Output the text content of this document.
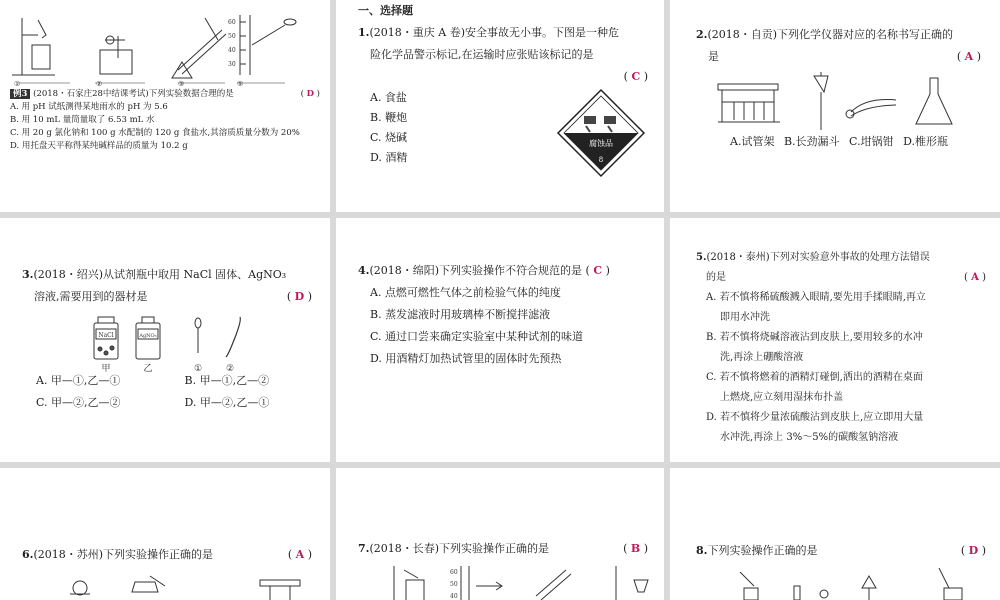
60
50
40
30
①	②	③	⑤
例3 (2018・石家庄28中结课考试)下列实验数据合理的是	( D )
A. 用 pH 试纸测得某地雨水的 pH 为 5.6
B. 用 10 mL 量筒量取了 6.53 mL 水
C. 用 20 g 氯化钠和 100 g 水配制的 120 g 食盐水,其溶质质量分数为 20%
D. 用托盘天平称得某纯碱样品的质量为 10.2 g
一、选择题
1.(2018・重庆 A 卷)安全事故无小事。下图是一种危
险化学品警示标记,在运输时应张贴该标记的是
( C )
A. 食盐
B. 鞭炮
C. 烧碱
D. 酒精
腐蚀品
8
2.(2018・自贡)下列化学仪器对应的名称书写正确的
是	( A )
A.试管架 B.长劲漏斗 C.坩锅钳 D.椎形瓶
3.(2018・绍兴)从试剂瓶中取用 NaCl 固体、AgNO₃
溶液,需要用到的器材是	( D )
NaCl	AgNO₃
甲	乙	①	②
A. 甲—①,乙—①	B. 甲—①,乙—②
C. 甲—②,乙—②	D. 甲—②,乙—①
4.(2018・绵阳)下列实验操作不符合规范的是 ( C )
A. 点燃可燃性气体之前检验气体的纯度
B. 蒸发滤液时用玻璃棒不断搅拌滤液
C. 通过口尝来确定实验室中某种试剂的味道
D. 用酒精灯加热试管里的固体时先预热
5.(2018・泰州)下列对实验意外事故的处理方法错误
的是	( A )
A. 若不慎将稀硫酸溅入眼睛,要先用手揉眼睛,再立
即用水冲洗
B. 若不慎将烧碱溶液沾到皮肤上,要用较多的水冲
洗,再涂上硼酸溶液
C. 若不慎将燃着的酒精灯碰倒,洒出的酒精在桌面
上燃烧,应立刻用湿抹布扑盖
D. 若不慎将少量浓硫酸沾到皮肤上,应立即用大量
水冲洗,再涂上 3%～5%的碳酸氢钠溶液
6.(2018・苏州)下列实验操作正确的是	( A )	7.(2018・长春)下列实验操作正确的是	( B )
60
50
40
8.下列实验操作正确的是	( D )
